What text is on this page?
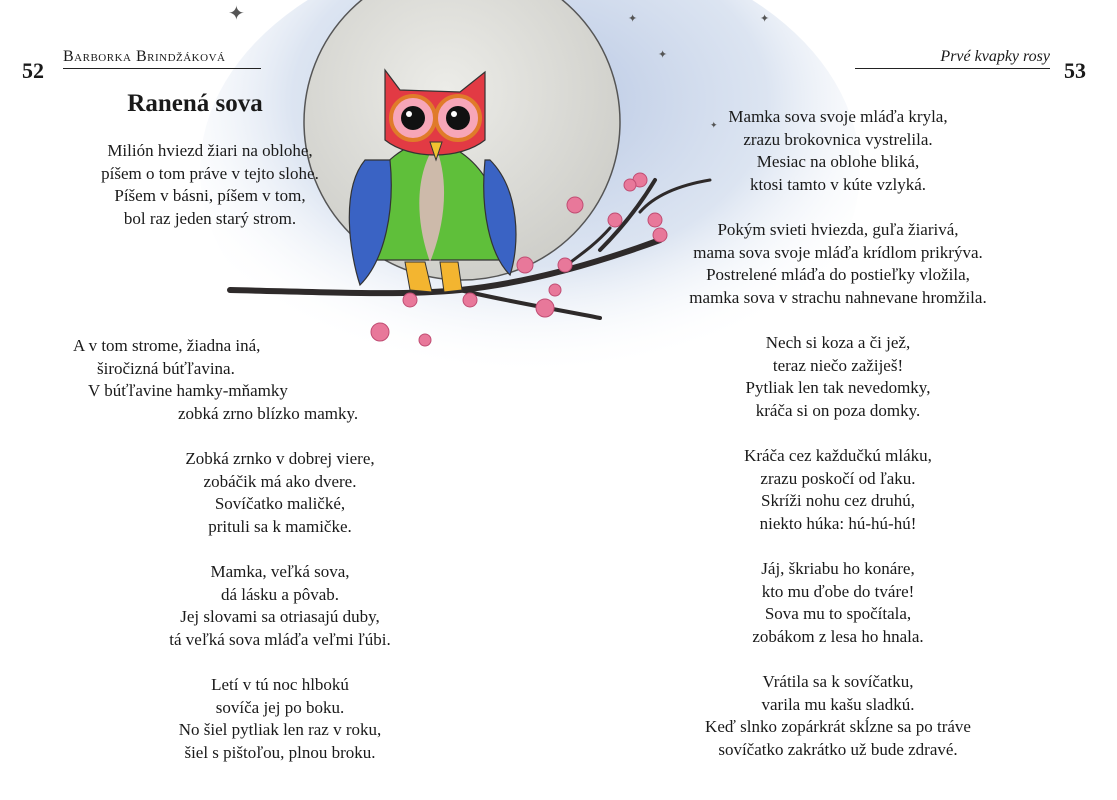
✦	✦
✦
✦
✦
52
Barborka Brindžáková
Ranená sova
Prvé kvapky rosy
53
Milión hviezd žiari na oblohe,
píšem o tom práve v tejto slohe.
Píšem v básni, píšem v tom,
bol raz jeden starý strom.
A v tom strome, žiadna iná,
širočizná búťľavina.
V búťľavine hamky-mňamky
zobká zrno blízko mamky.
Zobká zrnko v dobrej viere,
zobáčik má ako dvere.
Sovíčatko maličké,
prituli sa k mamičke.
Mamka, veľká sova,
dá lásku a pôvab.
Jej slovami sa otriasajú duby,
tá veľká sova mláďa veľmi ľúbi.
Letí v tú noc hlbokú
sovíča jej po boku.
No šiel pytliak len raz v roku,
šiel s pištoľou, plnou broku.
Mamka sova svoje mláďa kryla,
zrazu brokovnica vystrelila.
Mesiac na oblohe bliká,
ktosi tamto v kúte vzlyká.
Pokým svieti hviezda, guľa žiarivá,
mama sova svoje mláďa krídlom prikrýva.
Postrelené mláďa do postieľky vložila,
mamka sova v strachu nahnevane hromžila.
Nech si koza a či jež,
teraz niečo zažiješ!
Pytliak len tak nevedomky,
kráča si on poza domky.
Kráča cez každučkú mláku,
zrazu poskočí od ľaku.
Skríži nohu cez druhú,
niekto húka: hú-hú-hú!
Jáj, škriabu ho konáre,
kto mu ďobe do tváre!
Sova mu to spočítala,
zobákom z lesa ho hnala.
Vrátila sa k sovíčatku,
varila mu kašu sladkú.
Keď slnko zopárkrát skĺzne sa po tráve
sovíčatko zakrátko už bude zdravé.
